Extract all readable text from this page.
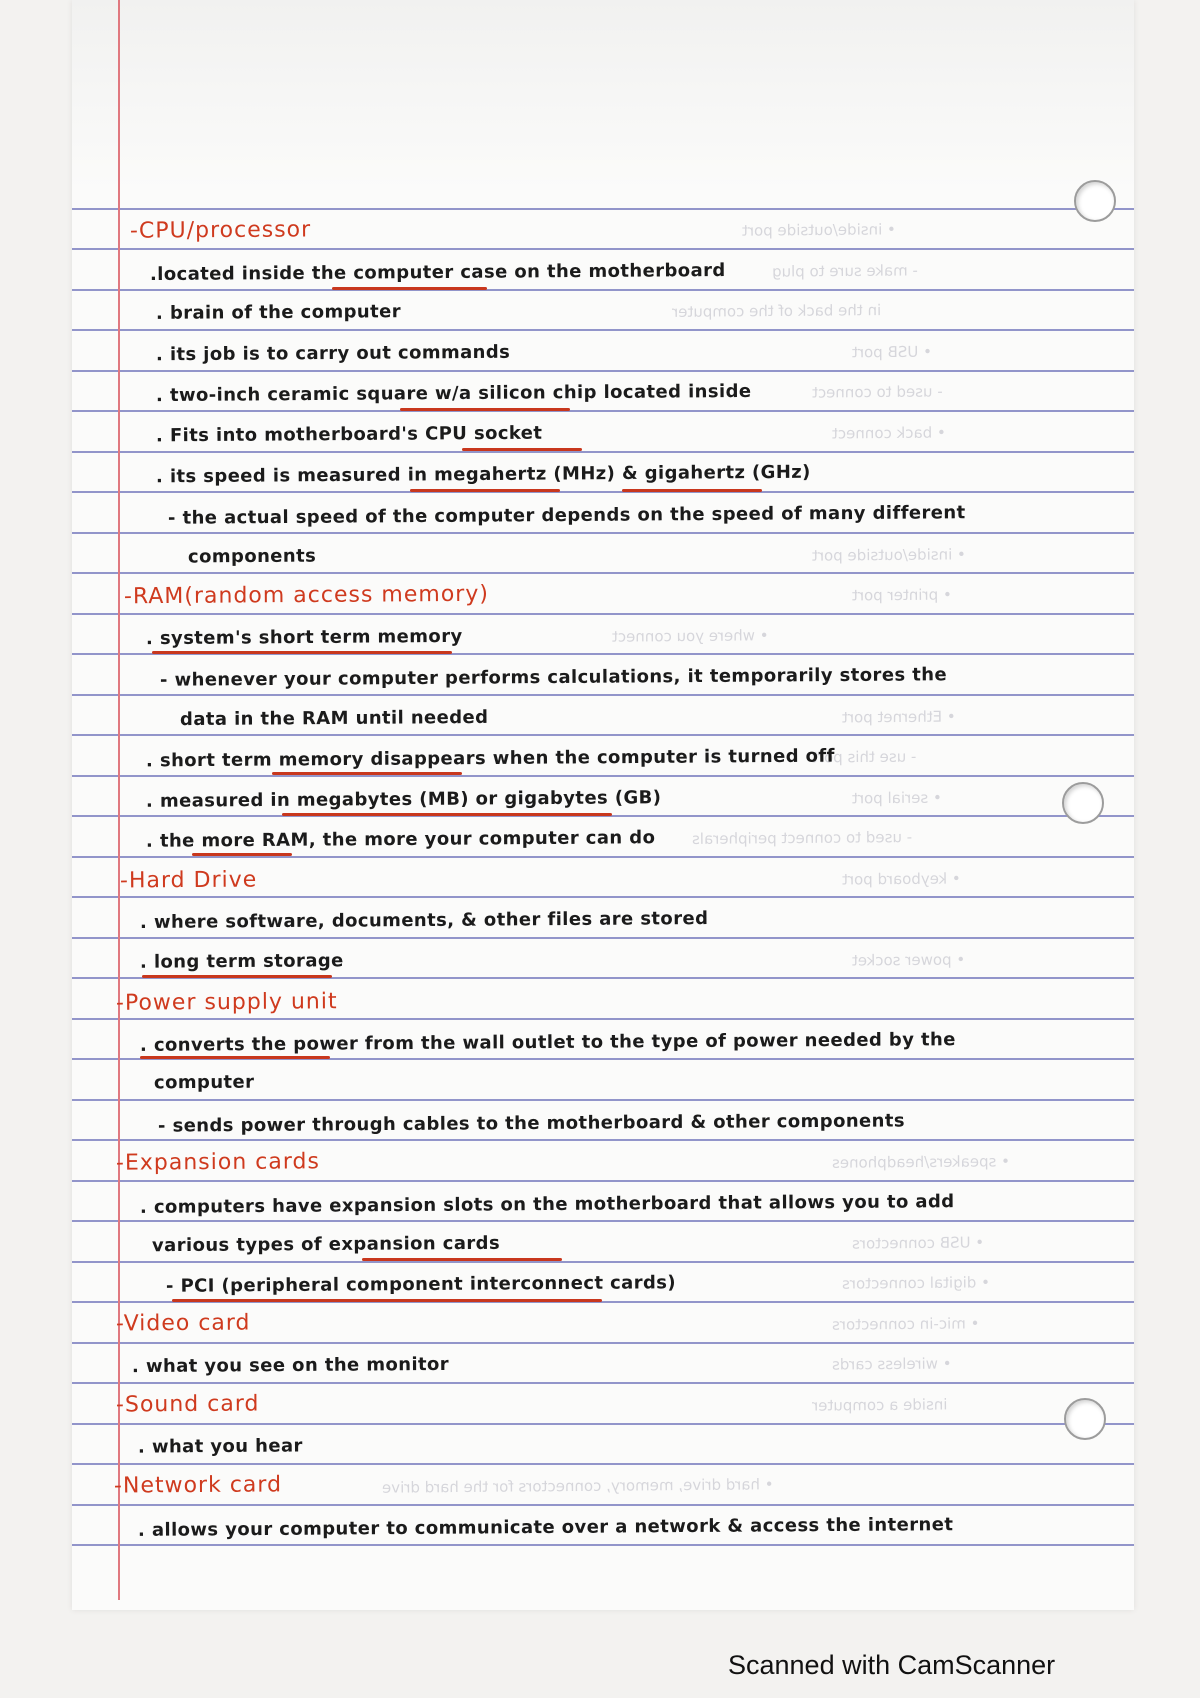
• inside/outside port
- make sure to plug
in the back of the computer
• USB port
- used to connect
• back connect
• inside/outside port
• printer port
• where you connect
• Ethernet port
- use this port
• serial port
- used to connect peripherals
• keyboard port
• power socket
• speakers/headphones
• USB connectors
• digital connectors
• mic-in connectors
• wireless cards
inside a computer
• hard drive, memory, connectors for the hard drive
-CPU/processor
.located inside the computer case on the motherboard
. brain of the computer
. its job is to carry out commands
. two-inch ceramic square w/a silicon chip located inside
. Fits into motherboard's CPU socket
. its speed is measured in megahertz (MHz) & gigahertz (GHz)
- the actual speed of the computer depends on the speed of many different
components
-RAM(random access memory)
. system's short term memory
- whenever your computer performs calculations, it temporarily stores the
data in the RAM until needed
. short term memory disappears when the computer is turned off
. measured in megabytes (MB) or gigabytes (GB)
. the more RAM, the more your computer can do
-Hard Drive
. where software, documents, & other files are stored
. long term storage
-Power supply unit
. converts the power from the wall outlet to the type of power needed by the
computer
- sends power through cables to the motherboard & other components
-Expansion cards
. computers have expansion slots on the motherboard that allows you to add
various types of expansion cards
- PCI (peripheral component interconnect cards)
-Video card
. what you see on the monitor
-Sound card
. what you hear
-Network card
. allows your computer to communicate over a network & access the internet
Scanned with CamScanner
